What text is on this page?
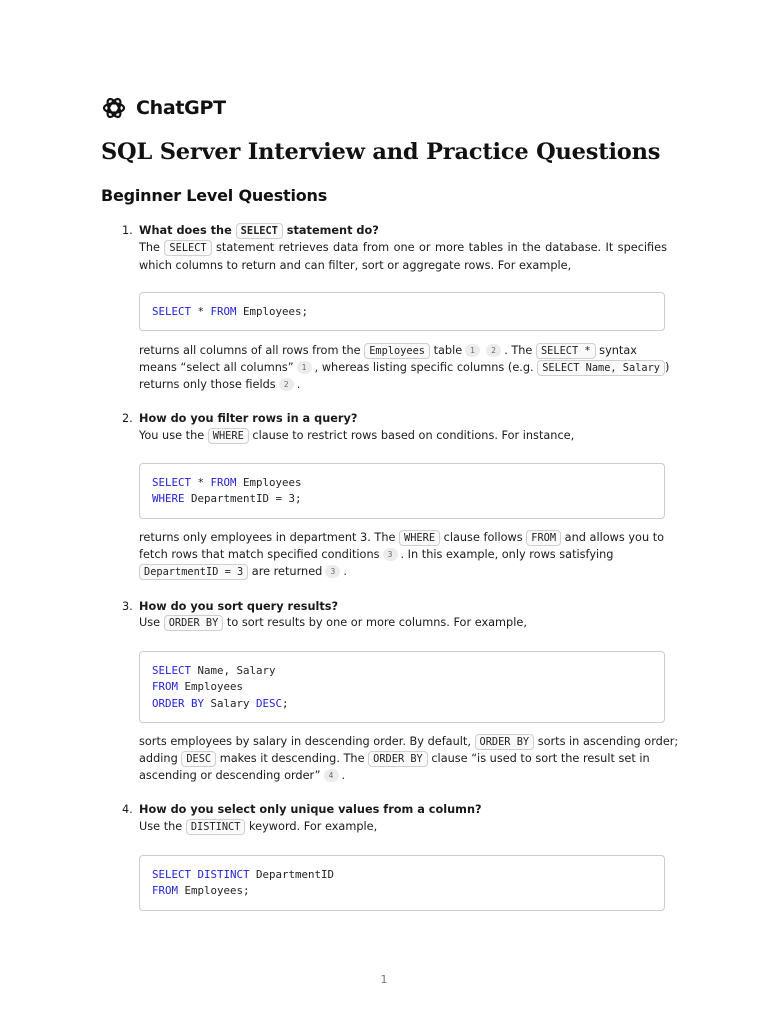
ChatGPT
SQL Server Interview and Practice Questions
Beginner Level Questions
1. What does the SELECT statement do?
The SELECT statement retrieves data from one or more tables in the database. It specifies
which columns to return and can filter, sort or aggregate rows. For example,
SELECT * FROM Employees;
returns all columns of all rows from the Employees table 1 2 . The SELECT * syntax
means “select all columns” 1 , whereas listing specific columns (e.g. SELECT Name, Salary )
returns only those fields 2 .
2. How do you filter rows in a query?
You use the WHERE clause to restrict rows based on conditions. For instance,
SELECT * FROM Employees
WHERE DepartmentID = 3;
returns only employees in department 3. The WHERE clause follows FROM and allows you to
fetch rows that match specified conditions 3 . In this example, only rows satisfying
DepartmentID = 3 are returned 3 .
3. How do you sort query results?
Use ORDER BY to sort results by one or more columns. For example,
SELECT Name, Salary
FROM Employees
ORDER BY Salary DESC;
sorts employees by salary in descending order. By default, ORDER BY sorts in ascending order;
adding DESC makes it descending. The ORDER BY clause “is used to sort the result set in
ascending or descending order” 4 .
4. How do you select only unique values from a column?
Use the DISTINCT keyword. For example,
SELECT DISTINCT DepartmentID
FROM Employees;
1
